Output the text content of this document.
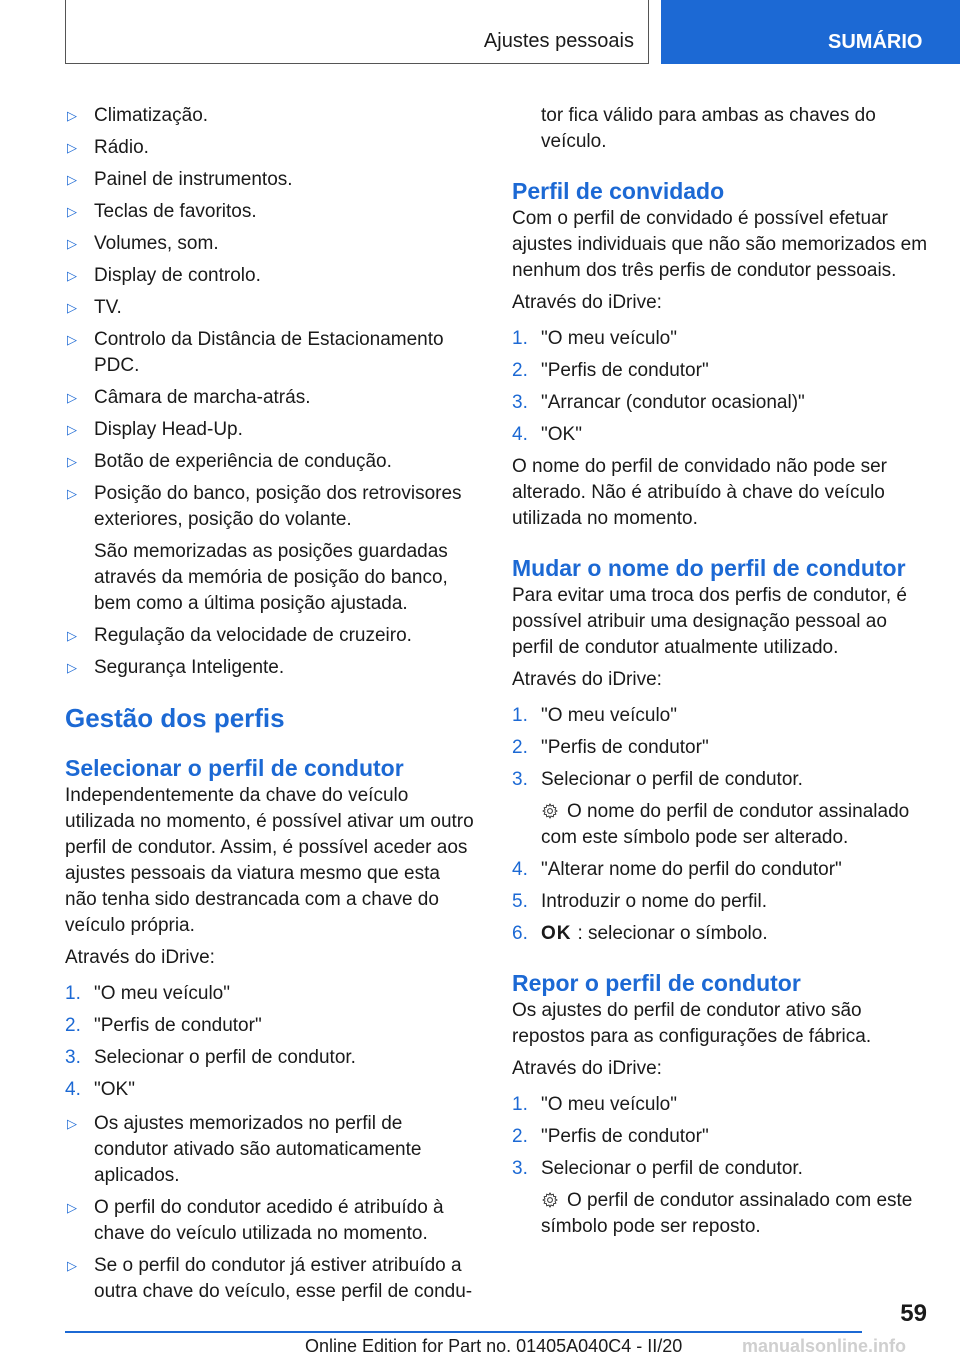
Ajustes pessoais	SUMÁRIO
▷ Climatização.
▷ Rádio.
▷ Painel de instrumentos.
▷ Teclas de favoritos.
▷ Volumes, som.
▷ Display de controlo.
▷ TV.
▷ Controlo da Distância de Estacionamento PDC.
▷ Câmara de marcha-atrás.
▷ Display Head-Up.
▷ Botão de experiência de condução.
▷ Posição do banco, posição dos retrovisores exteriores, posição do volante.
São memorizadas as posições guardadas através da memória de posição do banco, bem como a última posição ajustada.
▷ Regulação da velocidade de cruzeiro.
▷ Segurança Inteligente.
Gestão dos perfis
Selecionar o perfil de condutor

Independentemente da chave do veículo utilizada no momento, é possível ativar um outro perfil de condutor. Assim, é possível aceder aos ajustes pessoais da viatura mesmo que esta não tenha sido destrancada com a chave do veículo própria.

Através do iDrive:

1. "O meu veículo"
2. "Perfis de condutor"
3. Selecionar o perfil de condutor.
4. "OK"
▷ Os ajustes memorizados no perfil de condutor ativado são automaticamente aplicados.
▷ O perfil do condutor acedido é atribuído à chave do veículo utilizada no momento.
▷ Se o perfil do condutor já estiver atribuído a outra chave do veículo, esse perfil de condu-
tor fica válido para ambas as chaves do veículo.
Perfil de convidado

Com o perfil de convidado é possível efetuar ajustes individuais que não são memorizados em nenhum dos três perfis de condutor pessoais.

Através do iDrive:

1. "O meu veículo"
2. "Perfis de condutor"
3. "Arrancar (condutor ocasional)"
4. "OK"

O nome do perfil de convidado não pode ser alterado. Não é atribuído à chave do veículo utilizada no momento.

Mudar o nome do perfil de condutor

Para evitar uma troca dos perfis de condutor, é possível atribuir uma designação pessoal ao perfil de condutor atualmente utilizado.

Através do iDrive:

1. "O meu veículo"
2. "Perfis de condutor"
3. Selecionar o perfil de condutor.
O nome do perfil de condutor assinalado com este símbolo pode ser alterado.
4. "Alterar nome do perfil do condutor"
5. Introduzir o nome do perfil.
6. OK : selecionar o símbolo.
Repor o perfil de condutor

Os ajustes do perfil de condutor ativo são repostos para as configurações de fábrica.

Através do iDrive:

1. "O meu veículo"
2. "Perfis de condutor"
3. Selecionar o perfil de condutor.
O perfil de condutor assinalado com este símbolo pode ser reposto.
59
Online Edition for Part no. 01405A040C4 - II/20	manualsonline.info
